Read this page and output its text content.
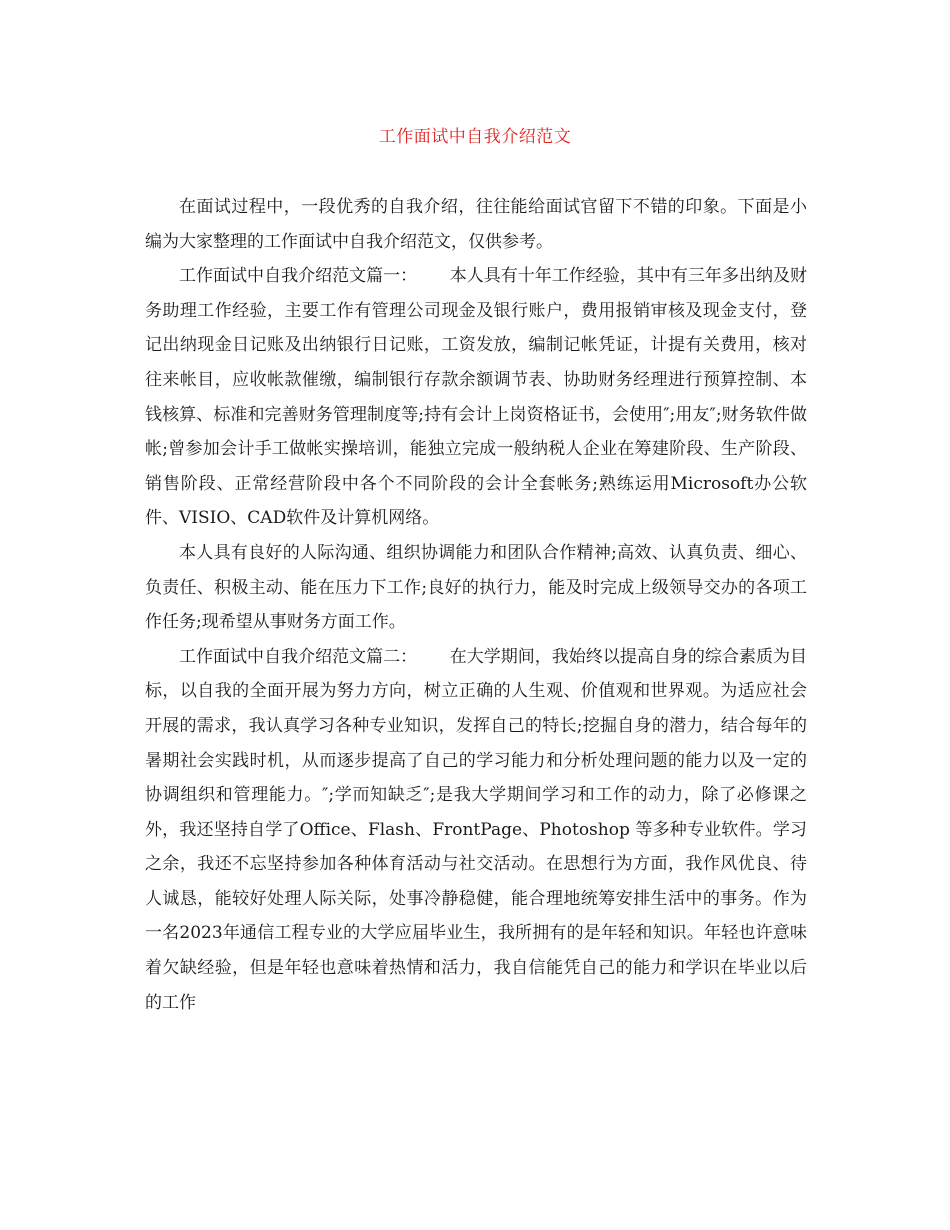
工作面试中自我介绍范文

在面试过程中，一段优秀的自我介绍，往往能给面试官留下不错的印象。下面是小编为大家整理的工作面试中自我介绍范文，仅供参考。

工作面试中自我介绍范文篇一：      本人具有十年工作经验，其中有三年多出纳及财务助理工作经验，主要工作有管理公司现金及银行账户，费用报销审核及现金支付，登记出纳现金日记账及出纳银行日记账，工资发放，编制记帐凭证，计提有关费用，核对往来帐目，应收帐款催缴，编制银行存款余额调节表、协助财务经理进行预算控制、本钱核算、标准和完善财务管理制度等;持有会计上岗资格证书，会使用″;用友″;财务软件做帐;曾参加会计手工做帐实操培训，能独立完成一般纳税人企业在筹建阶段、生产阶段、销售阶段、正常经营阶段中各个不同阶段的会计全套帐务;熟练运用Microsoft办公软件、VISIO、CAD软件及计算机网络。

本人具有良好的人际沟通、组织协调能力和团队合作精神;高效、认真负责、细心、负责任、积极主动、能在压力下工作;良好的执行力，能及时完成上级领导交办的各项工作任务;现希望从事财务方面工作。

工作面试中自我介绍范文篇二：      在大学期间，我始终以提高自身的综合素质为目标，以自我的全面开展为努力方向，树立正确的人生观、价值观和世界观。为适应社会开展的需求，我认真学习各种专业知识，发挥自己的特长;挖掘自身的潜力，结合每年的暑期社会实践时机，从而逐步提高了自己的学习能力和分析处理问题的能力以及一定的协调组织和管理能力。″;学而知缺乏″;是我大学期间学习和工作的动力，除了必修课之外，我还坚持自学了Office、Flash、FrontPage、Photoshop 等多种专业软件。学习之余，我还不忘坚持参加各种体育活动与社交活动。在思想行为方面，我作风优良、待人诚恳，能较好处理人际关际，处事冷静稳健，能合理地统筹安排生活中的事务。作为一名2023年通信工程专业的大学应届毕业生，我所拥有的是年轻和知识。年轻也许意味着欠缺经验，但是年轻也意味着热情和活力，我自信能凭自己的能力和学识在毕业以后的工作
